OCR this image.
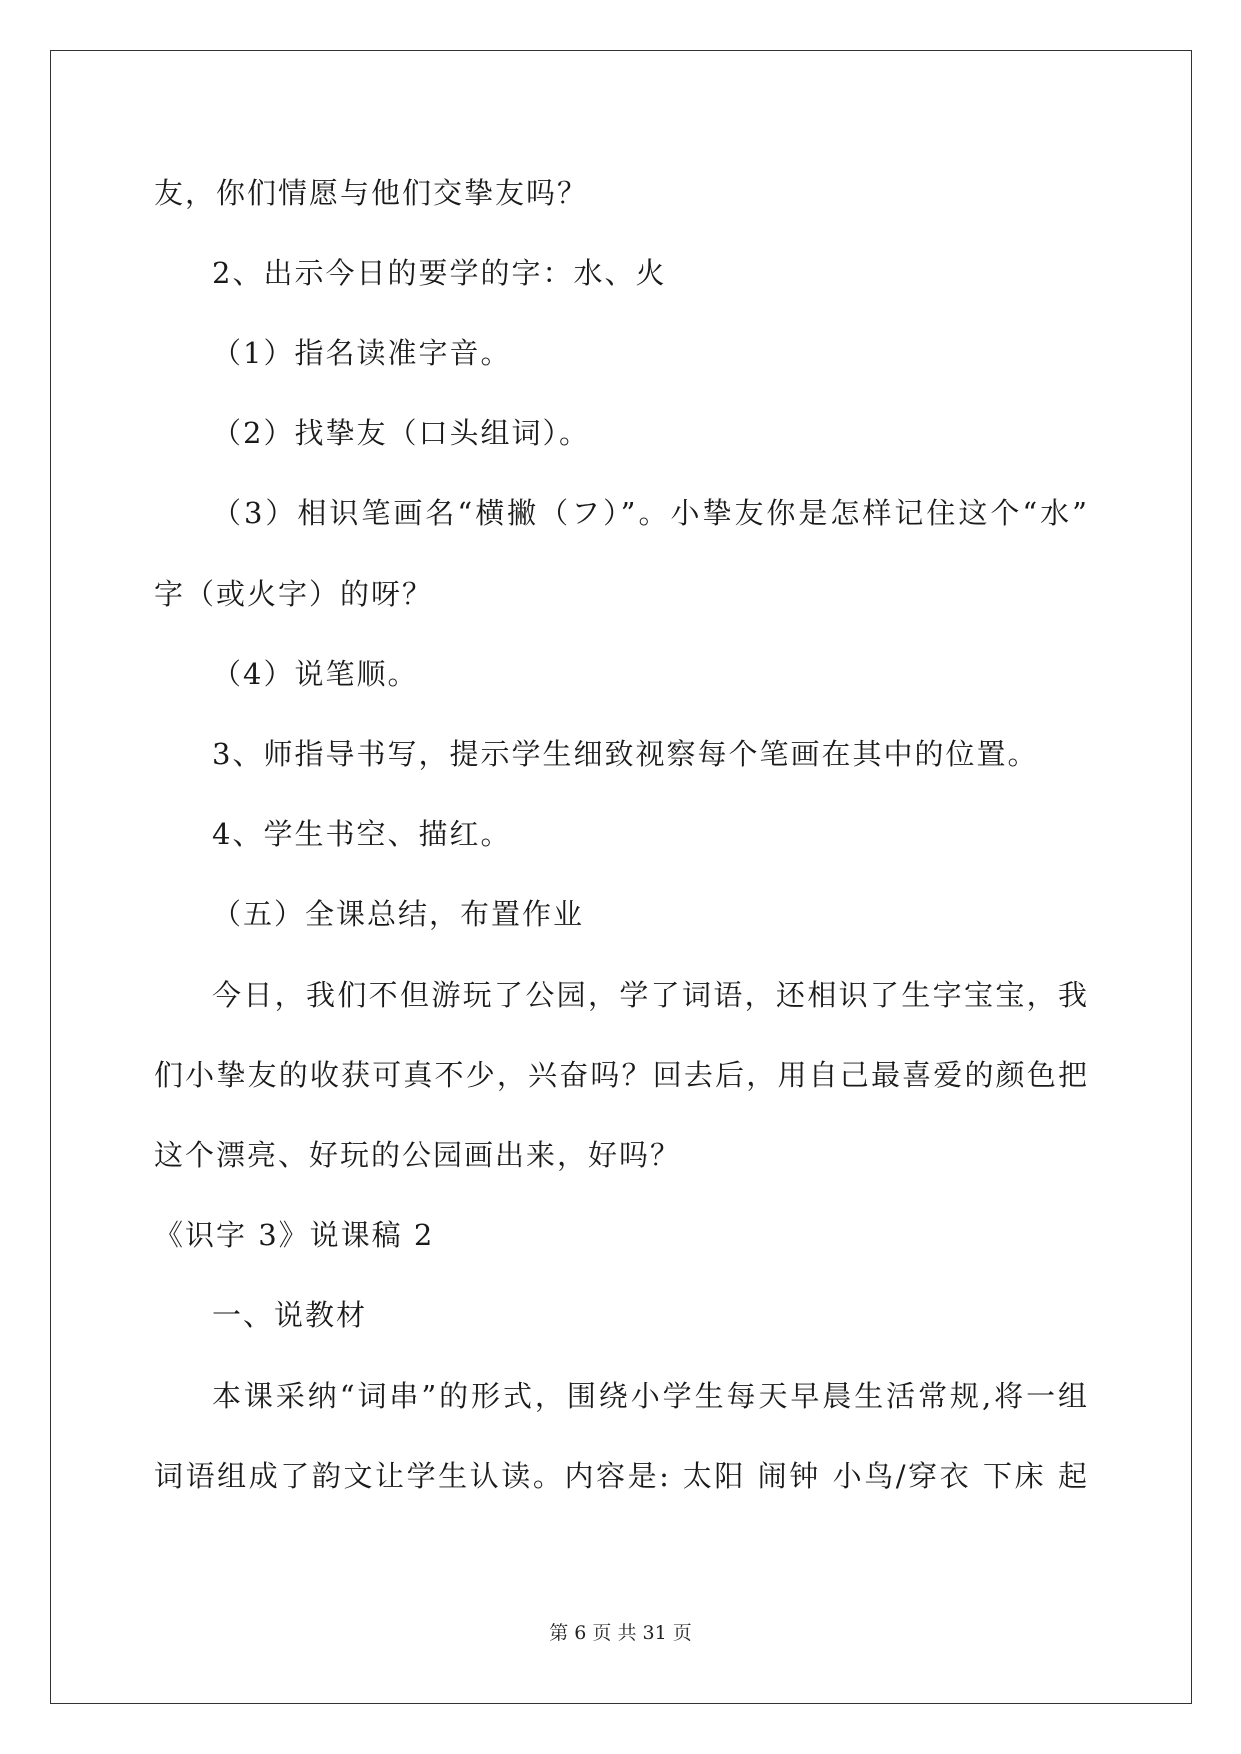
友，你们情愿与他们交挚友吗？
2、出示今日的要学的字：水、火
（1）指名读准字音。
（2）找挚友（口头组词）。
（3）相识笔画名“横撇（フ）”。小挚友你是怎样记住这个“水”
字（或火字）的呀？
（4）说笔顺。
3、师指导书写，提示学生细致视察每个笔画在其中的位置。
4、学生书空、描红。
（五）全课总结，布置作业
今日，我们不但游玩了公园，学了词语，还相识了生字宝宝，我
们小挚友的收获可真不少，兴奋吗？回去后，用自己最喜爱的颜色把
这个漂亮、好玩的公园画出来，好吗？
《识字 3》说课稿 2
一、说教材
本课采纳“词串”的形式，围绕小学生每天早晨生活常规,将一组
词语组成了韵文让学生认读。内容是: 太阳 闹钟 小鸟/穿衣 下床 起
第 6 页 共 31 页
